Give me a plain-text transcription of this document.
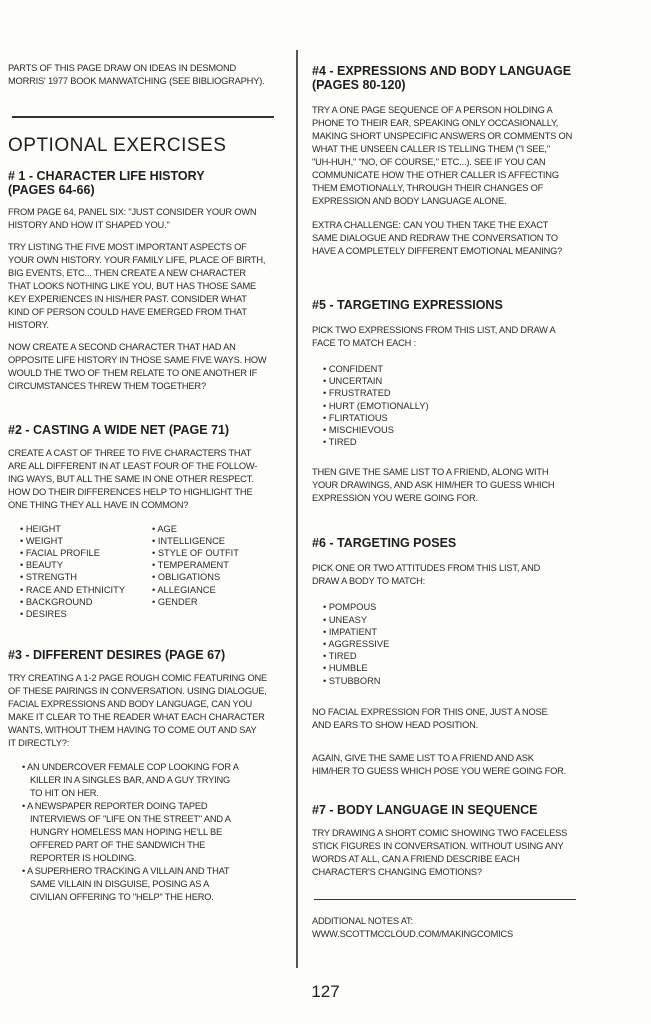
PARTS OF THIS PAGE DRAW ON IDEAS IN DESMOND
MORRIS' 1977 BOOK MANWATCHING (SEE BIBLIOGRAPHY).

OPTIONAL EXERCISES

# 1 - CHARACTER LIFE HISTORY
(PAGES 64-66)

FROM PAGE 64, PANEL SIX: "JUST CONSIDER YOUR OWN
HISTORY AND HOW IT SHAPED YOU."

TRY LISTING THE FIVE MOST IMPORTANT ASPECTS OF
YOUR OWN HISTORY. YOUR FAMILY LIFE, PLACE OF BIRTH,
BIG EVENTS, ETC... THEN CREATE A NEW CHARACTER
THAT LOOKS NOTHING LIKE YOU, BUT HAS THOSE SAME
KEY EXPERIENCES IN HIS/HER PAST. CONSIDER WHAT
KIND OF PERSON COULD HAVE EMERGED FROM THAT
HISTORY.

NOW CREATE A SECOND CHARACTER THAT HAD AN
OPPOSITE LIFE HISTORY IN THOSE SAME FIVE WAYS. HOW
WOULD THE TWO OF THEM RELATE TO ONE ANOTHER IF
CIRCUMSTANCES THREW THEM TOGETHER?

#2 - CASTING A WIDE NET (PAGE 71)

CREATE A CAST OF THREE TO FIVE CHARACTERS THAT
ARE ALL DIFFERENT IN AT LEAST FOUR OF THE FOLLOW-
ING WAYS, BUT ALL THE SAME IN ONE OTHER RESPECT.
HOW DO THEIR DIFFERENCES HELP TO HIGHLIGHT THE
ONE THING THEY ALL HAVE IN COMMON?

• HEIGHT
• WEIGHT
• FACIAL PROFILE
• BEAUTY
• STRENGTH
• RACE AND ETHNICITY
• BACKGROUND
• DESIRES
• AGE
• INTELLIGENCE
• STYLE OF OUTFIT
• TEMPERAMENT
• OBLIGATIONS
• ALLEGIANCE
• GENDER

#3 - DIFFERENT DESIRES (PAGE 67)

TRY CREATING A 1-2 PAGE ROUGH COMIC FEATURING ONE
OF THESE PAIRINGS IN CONVERSATION. USING DIALOGUE,
FACIAL EXPRESSIONS AND BODY LANGUAGE, CAN YOU
MAKE IT CLEAR TO THE READER WHAT EACH CHARACTER
WANTS, WITHOUT THEM HAVING TO COME OUT AND SAY
IT DIRECTLY?:

• AN UNDERCOVER FEMALE COP LOOKING FOR A
KILLER IN A SINGLES BAR, AND A GUY TRYING
TO HIT ON HER.
• A NEWSPAPER REPORTER DOING TAPED
INTERVIEWS OF "LIFE ON THE STREET" AND A
HUNGRY HOMELESS MAN HOPING HE'LL BE
OFFERED PART OF THE SANDWICH THE
REPORTER IS HOLDING.
• A SUPERHERO TRACKING A VILLAIN AND THAT
SAME VILLAIN IN DISGUISE, POSING AS A
CIVILIAN OFFERING TO "HELP" THE HERO.

#4 - EXPRESSIONS AND BODY LANGUAGE
(PAGES 80-120)

TRY A ONE PAGE SEQUENCE OF A PERSON HOLDING A
PHONE TO THEIR EAR, SPEAKING ONLY OCCASIONALLY,
MAKING SHORT UNSPECIFIC ANSWERS OR COMMENTS ON
WHAT THE UNSEEN CALLER IS TELLING THEM ("I SEE,"
"UH-HUH," "NO, OF COURSE," ETC...). SEE IF YOU CAN
COMMUNICATE HOW THE OTHER CALLER IS AFFECTING
THEM EMOTIONALLY, THROUGH THEIR CHANGES OF
EXPRESSION AND BODY LANGUAGE ALONE.

EXTRA CHALLENGE: CAN YOU THEN TAKE THE EXACT
SAME DIALOGUE AND REDRAW THE CONVERSATION TO
HAVE A COMPLETELY DIFFERENT EMOTIONAL MEANING?

#5 - TARGETING EXPRESSIONS

PICK TWO EXPRESSIONS FROM THIS LIST, AND DRAW A
FACE TO MATCH EACH :

• CONFIDENT
• UNCERTAIN
• FRUSTRATED
• HURT (EMOTIONALLY)
• FLIRTATIOUS
• MISCHIEVOUS
• TIRED

THEN GIVE THE SAME LIST TO A FRIEND, ALONG WITH
YOUR DRAWINGS, AND ASK HIM/HER TO GUESS WHICH
EXPRESSION YOU WERE GOING FOR.

#6 - TARGETING POSES

PICK ONE OR TWO ATTITUDES FROM THIS LIST, AND
DRAW A BODY TO MATCH:

• POMPOUS
• UNEASY
• IMPATIENT
• AGGRESSIVE
• TIRED
• HUMBLE
• STUBBORN

NO FACIAL EXPRESSION FOR THIS ONE, JUST A NOSE
AND EARS TO SHOW HEAD POSITION.

AGAIN, GIVE THE SAME LIST TO A FRIEND AND ASK
HIM/HER TO GUESS WHICH POSE YOU WERE GOING FOR.

#7 - BODY LANGUAGE IN SEQUENCE

TRY DRAWING A SHORT COMIC SHOWING TWO FACELESS
STICK FIGURES IN CONVERSATION. WITHOUT USING ANY
WORDS AT ALL, CAN A FRIEND DESCRIBE EACH
CHARACTER'S CHANGING EMOTIONS?

ADDITIONAL NOTES AT:
WWW.SCOTTMCCLOUD.COM/MAKINGCOMICS

127
